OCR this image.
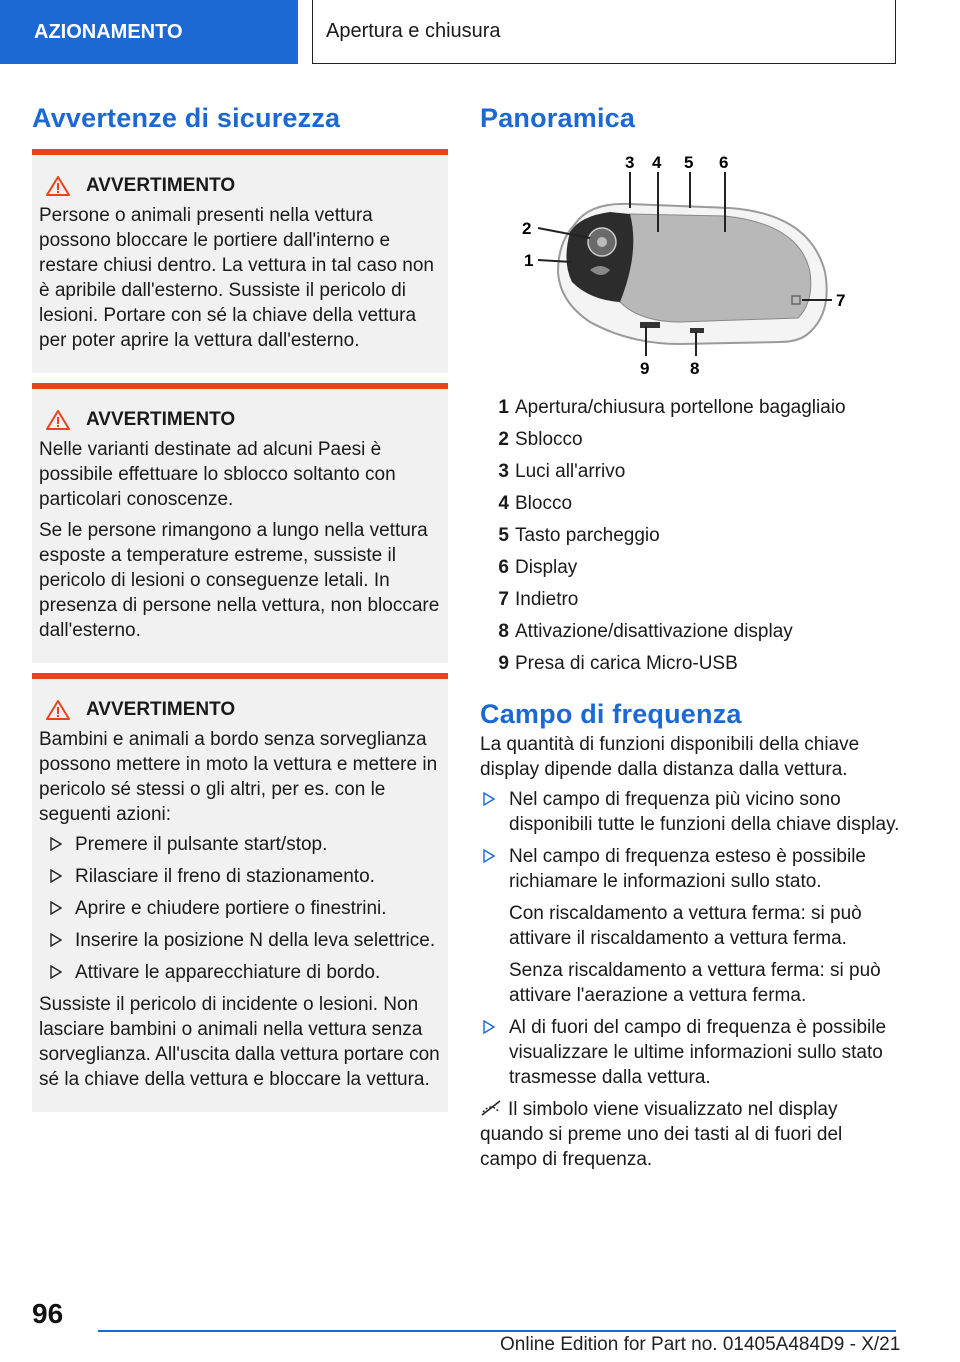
AZIONAMENTO	Apertura e chiusura
Avvertenze di sicurezza
AVVERTIMENTO

Persone o animali presenti nella vettura possono bloccare le portiere dall'interno e restare chiusi dentro. La vettura in tal caso non è apribile dall'esterno. Sussiste il pericolo di lesioni. Portare con sé la chiave della vettura per poter aprire la vettura dall'esterno.

AVVERTIMENTO

Nelle varianti destinate ad alcuni Paesi è possibile effettuare lo sblocco soltanto con particolari conoscenze.

Se le persone rimangono a lungo nella vettura esposte a temperature estreme, sussiste il pericolo di lesioni o conseguenze letali. In presenza di persone nella vettura, non bloccare dall'esterno.

AVVERTIMENTO

Bambini e animali a bordo senza sorveglianza possono mettere in moto la vettura e mettere in pericolo sé stessi o gli altri, per es. con le seguenti azioni:

Premere il pulsante start/stop.
Rilasciare il freno di stazionamento.
Aprire e chiudere portiere o finestrini.
Inserire la posizione N della leva selettrice.
Attivare le apparecchiature di bordo.

Sussiste il pericolo di incidente o lesioni. Non lasciare bambini o animali nella vettura senza sorveglianza. All'uscita dalla vettura portare con sé la chiave della vettura e bloccare la vettura.

Panoramica
1
2
3 4 5 6
7
8
9
1 Apertura/chiusura portellone bagagliaio
2 Sblocco
3 Luci all'arrivo
4 Blocco
5 Tasto parcheggio
6 Display
7 Indietro
8 Attivazione/disattivazione display
9 Presa di carica Micro-USB
Campo di frequenza

La quantità di funzioni disponibili della chiave display dipende dalla distanza dalla vettura.

Nel campo di frequenza più vicino sono disponibili tutte le funzioni della chiave display.
Nel campo di frequenza esteso è possibile richiamare le informazioni sullo stato.
Con riscaldamento a vettura ferma: si può attivare il riscaldamento a vettura ferma.
Senza riscaldamento a vettura ferma: si può attivare l'aerazione a vettura ferma.
Al di fuori del campo di frequenza è possibile visualizzare le ultime informazioni sullo stato trasmesse dalla vettura.

Il simbolo viene visualizzato nel display quando si preme uno dei tasti al di fuori del campo di frequenza.

96
Online Edition for Part no. 01405A484D9 - X/21
